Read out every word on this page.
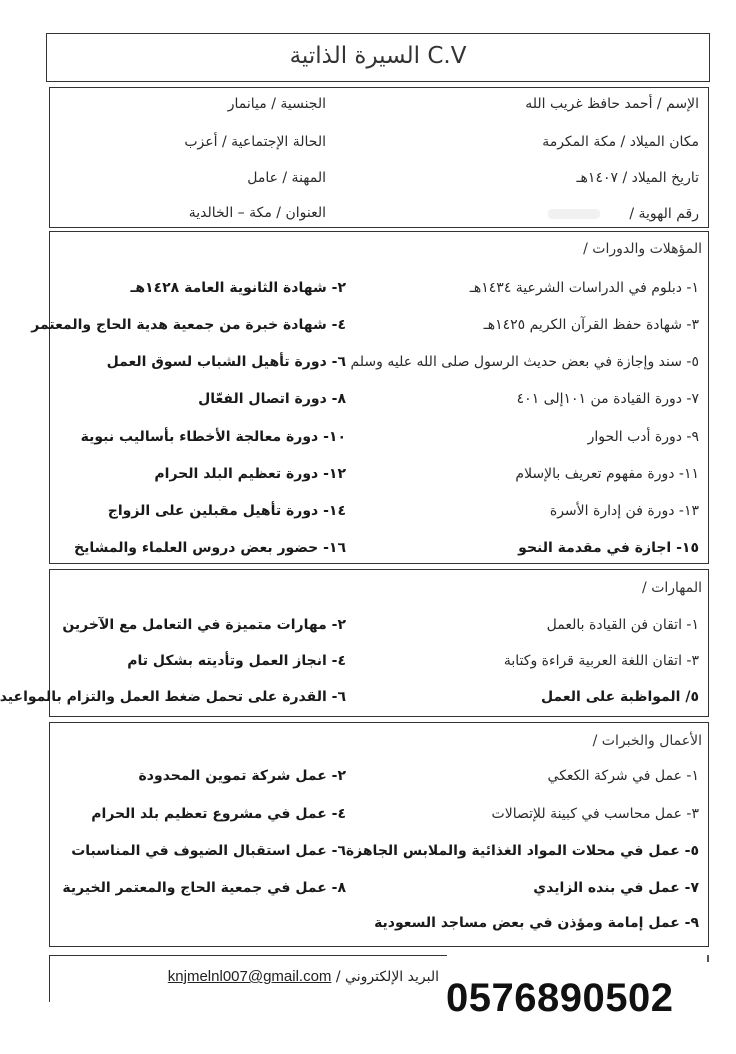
السيرة الذاتية C.V
الإسم / أحمد حافظ غريب الله
الجنسية / ميانمار
مكان الميلاد / مكة المكرمة
الحالة الإجتماعية / أعزب
تاريخ الميلاد / ١٤٠٧هـ
المهنة / عامل
رقم الهوية /
العنوان / مكة – الخالدية
المؤهلات والدورات /
١- دبلوم في الدراسات الشرعية ١٤٣٤هـ
٢- شهادة الثانوية العامة ١٤٢٨هـ
٣- شهادة حفظ القرآن الكريم ١٤٢٥هـ
٤- شهادة خبرة من جمعية هدية الحاج والمعتمر
٥- سند وإجازة في بعض حديث الرسول صلى الله عليه وسلم
٦- دورة تأهيل الشباب لسوق العمل
٧- دورة القيادة من ١٠١إلى ٤٠١
٨- دورة اتصال الفعّال
٩- دورة أدب الحوار
١٠- دورة معالجة الأخطاء بأساليب نبوية
١١- دورة مفهوم تعريف بالإسلام
١٢- دورة تعظيم البلد الحرام
١٣- دورة فن إدارة الأسرة
١٤- دورة تأهيل مقبلين على الزواج
١٥- اجازة في مقدمة النحو
١٦- حضور بعض دروس العلماء والمشايخ
المهارات /
١- اتقان فن القيادة بالعمل
٢- مهارات متميزة في التعامل مع الآخرين
٣- اتقان اللغة العربية قراءة وكتابة
٤- انجاز العمل وتأديته بشكل تام
٥/ المواظبة على العمل
٦- القدرة على تحمل ضغط العمل والتزام بالمواعيد
الأعمال والخبرات /
١- عمل في شركة الكعكي
٢- عمل شركة تموين المحدودة
٣- عمل محاسب في كبينة للإتصالات
٤- عمل في مشروع تعظيم بلد الحرام
٥- عمل في محلات المواد الغذائية والملابس الجاهزة
٦- عمل استقبال الضيوف في المناسبات
٧- عمل في بنده الزايدي
٨- عمل في جمعية الحاج والمعتمر الخيرية
٩- عمل إمامة ومؤذن في بعض مساجد السعودية
البريد الإلكتروني / knjmelnl007@gmail.com	0576890502
